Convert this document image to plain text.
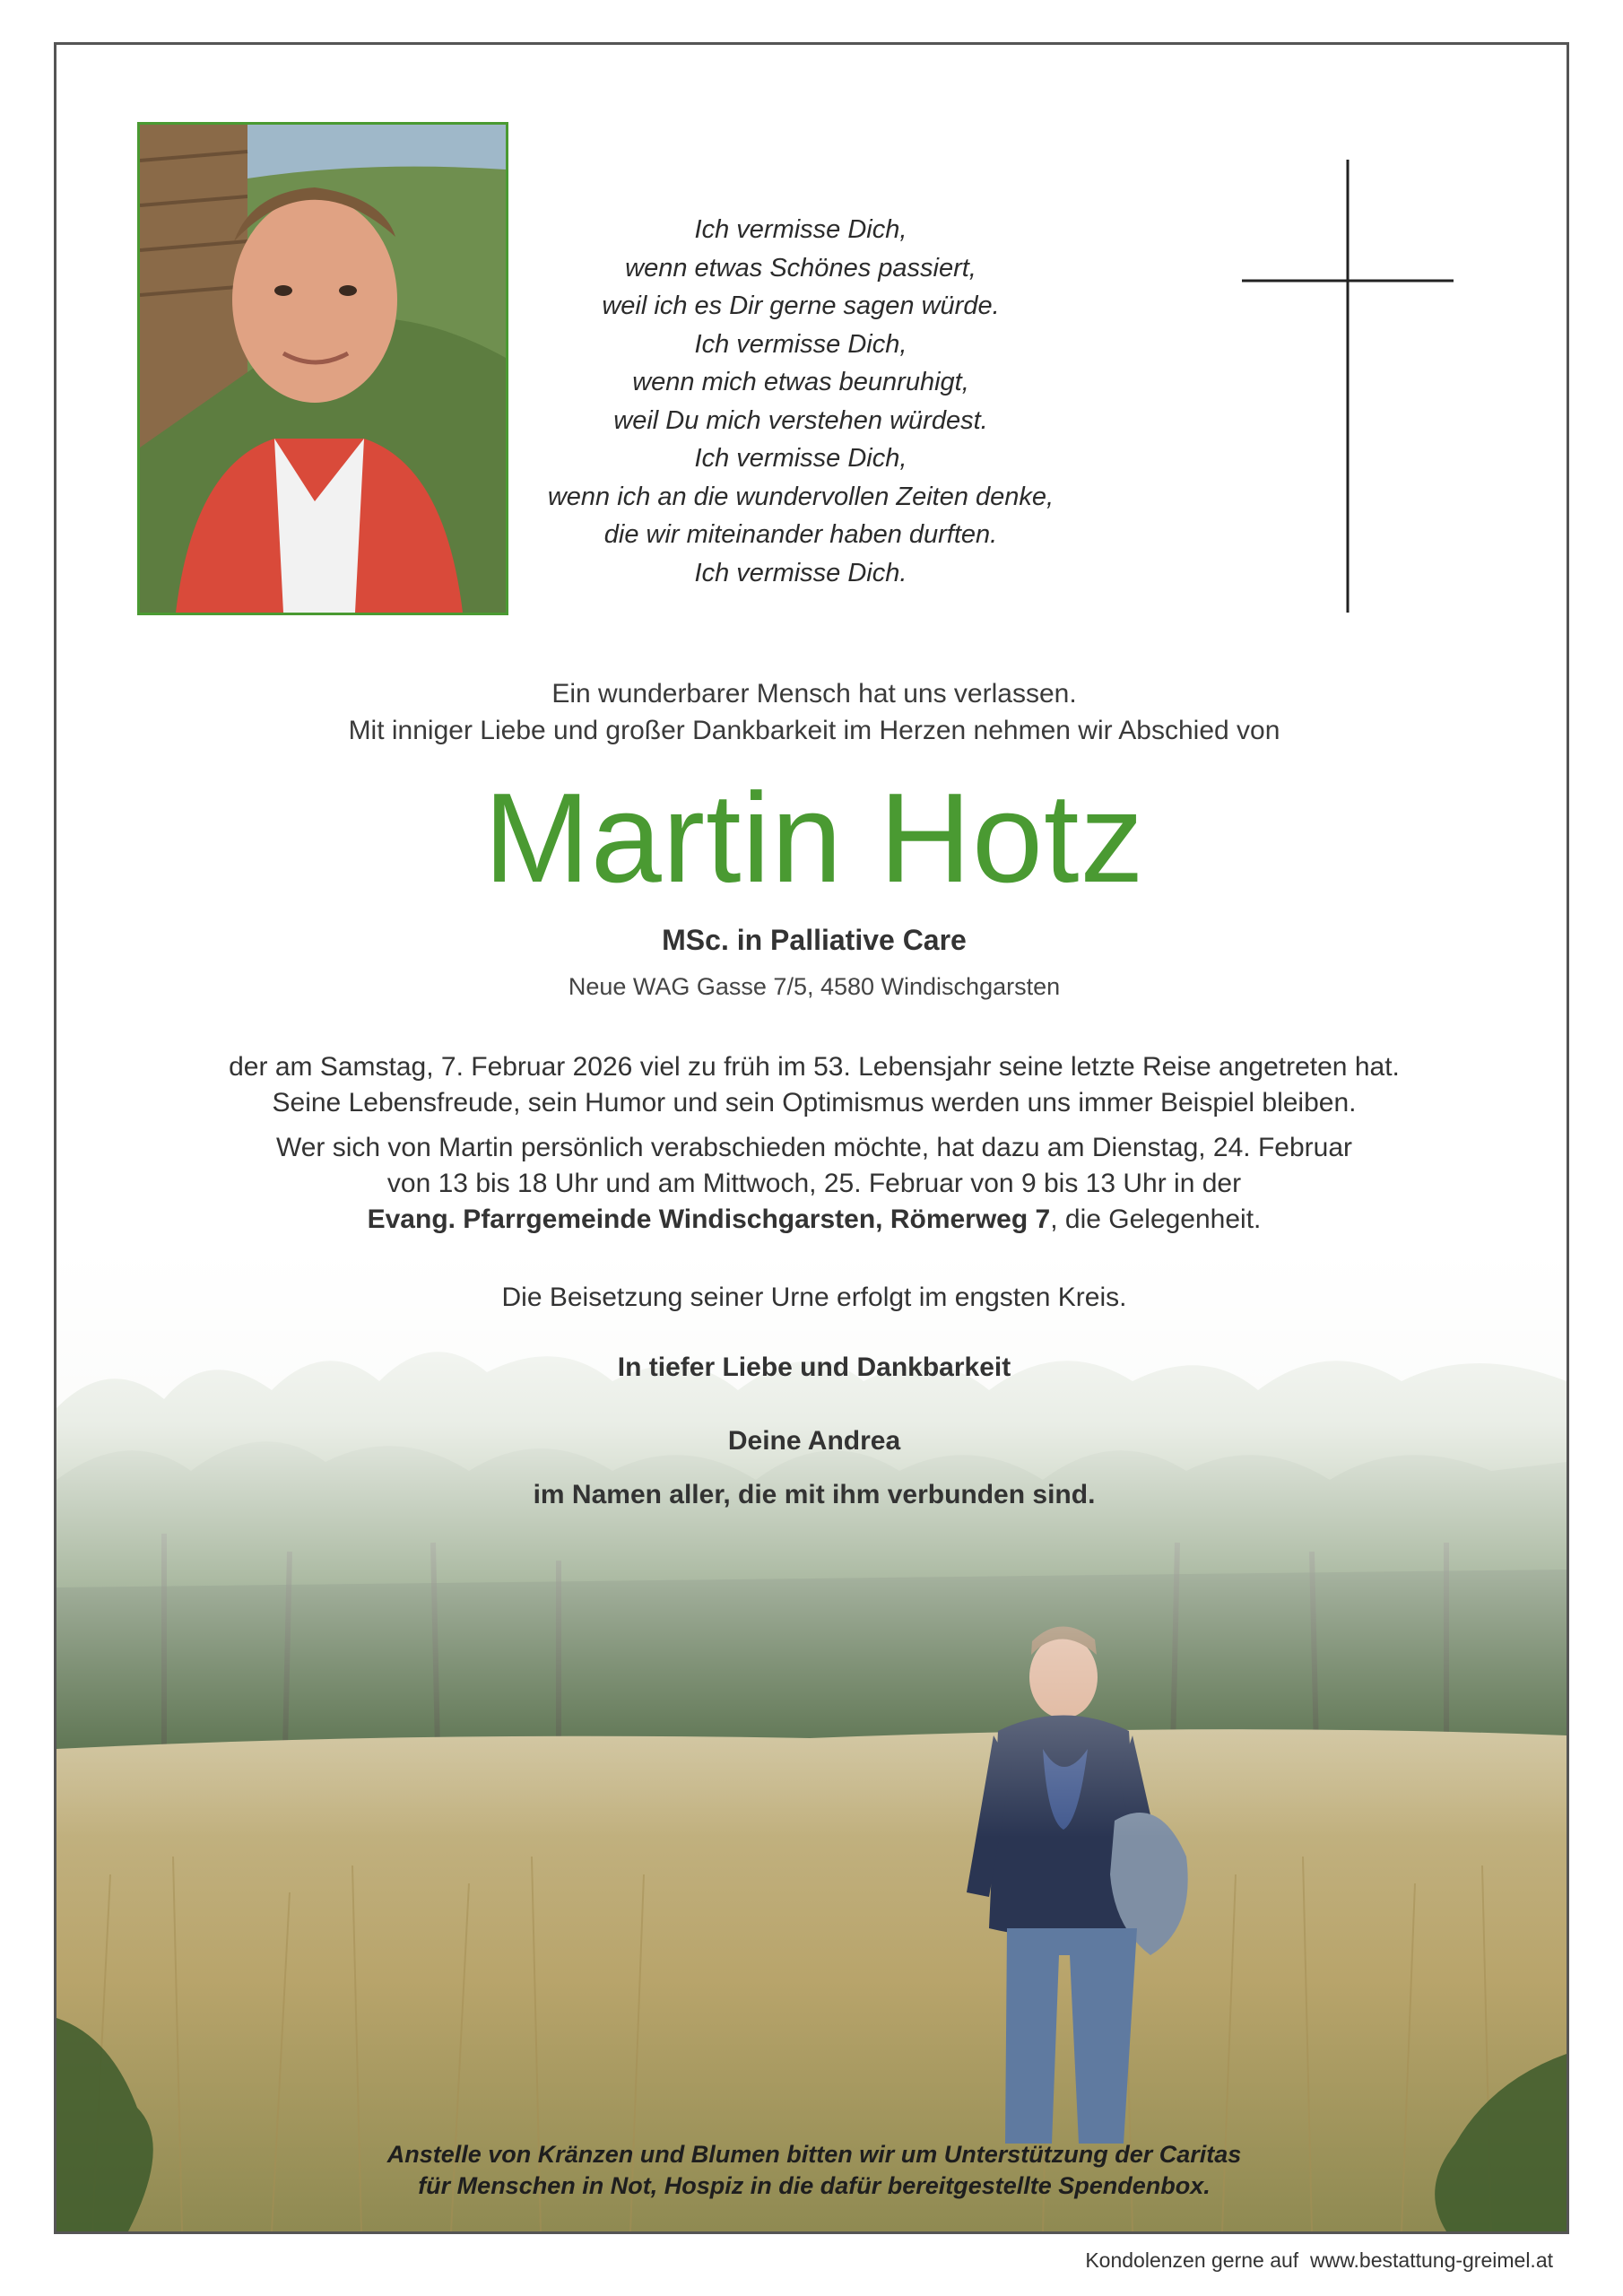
Ich vermisse Dich,
wenn etwas Schönes passiert,
weil ich es Dir gerne sagen würde.
Ich vermisse Dich,
wenn mich etwas beunruhigt,
weil Du mich verstehen würdest.
Ich vermisse Dich,
wenn ich an die wundervollen Zeiten denke,
die wir miteinander haben durften.
Ich vermisse Dich.
Ein wunderbarer Mensch hat uns verlassen.
Mit inniger Liebe und großer Dankbarkeit im Herzen nehmen wir Abschied von
Martin Hotz
MSc. in Palliative Care
Neue WAG Gasse 7/5, 4580 Windischgarsten
der am Samstag, 7. Februar 2026 viel zu früh im 53. Lebensjahr seine letzte Reise angetreten hat.
Seine Lebensfreude, sein Humor und sein Optimismus werden uns immer Beispiel bleiben.
Wer sich von Martin persönlich verabschieden möchte, hat dazu am Dienstag, 24. Februar
von 13 bis 18 Uhr und am Mittwoch, 25. Februar von 9 bis 13 Uhr in der
Evang. Pfarrgemeinde Windischgarsten, Römerweg 7, die Gelegenheit.
Die Beisetzung seiner Urne erfolgt im engsten Kreis.
In tiefer Liebe und Dankbarkeit
Deine Andrea
im Namen aller, die mit ihm verbunden sind.
Anstelle von Kränzen und Blumen bitten wir um Unterstützung der Caritas
für Menschen in Not, Hospiz in die dafür bereitgestellte Spendenbox.
Kondolenzen gerne auf www.bestattung-greimel.at
